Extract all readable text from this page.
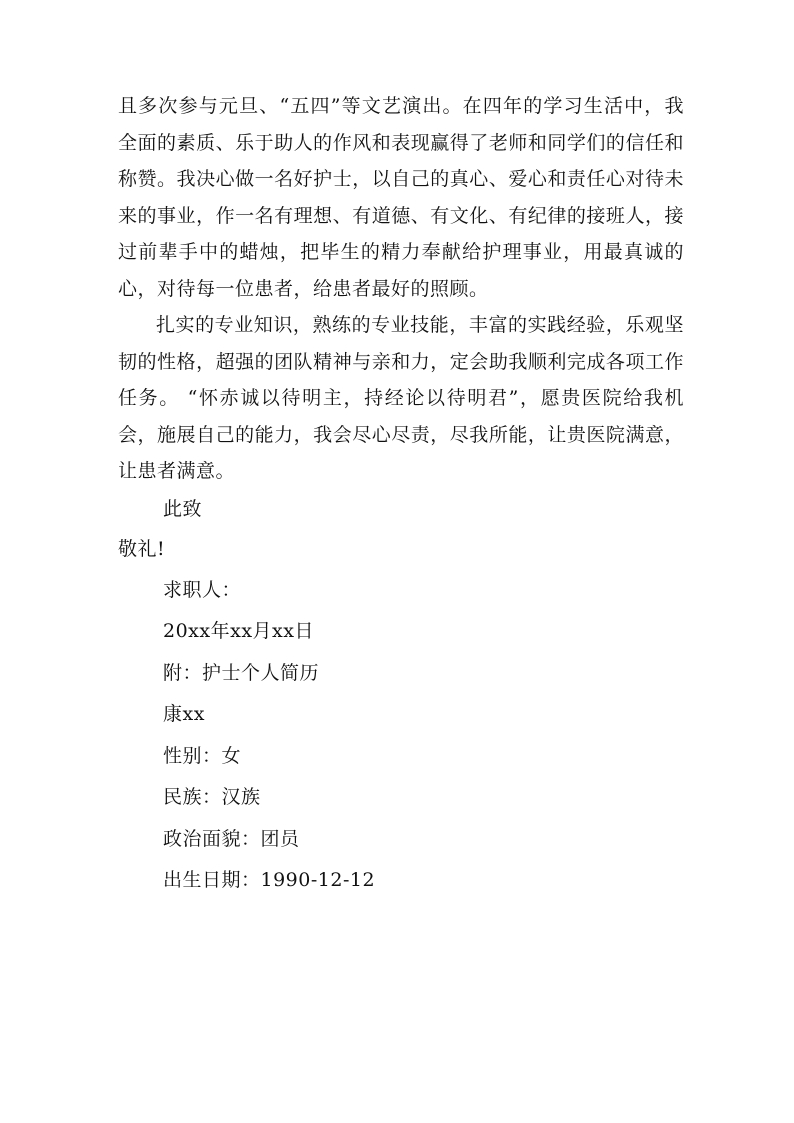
且多次参与元旦、“五四”等文艺演出。在四年的学习生活中，我全面的素质、乐于助人的作风和表现赢得了老师和同学们的信任和称赞。我决心做一名好护士，以自己的真心、爱心和责任心对待未来的事业，作一名有理想、有道德、有文化、有纪律的接班人，接过前辈手中的蜡烛，把毕生的精力奉献给护理事业，用最真诚的心，对待每一位患者，给患者最好的照顾。

扎实的专业知识，熟练的专业技能，丰富的实践经验，乐观坚韧的性格，超强的团队精神与亲和力，定会助我顺利完成各项工作任务。 “怀赤诚以待明主，持经论以待明君”，愿贵医院给我机会，施展自己的能力，我会尽心尽责，尽我所能，让贵医院满意，让患者满意。

此致

敬礼!

求职人：

20xx年xx月xx日

附：护士个人简历

康xx

性别：女

民族：汉族

政治面貌：团员

出生日期：1990-12-12
